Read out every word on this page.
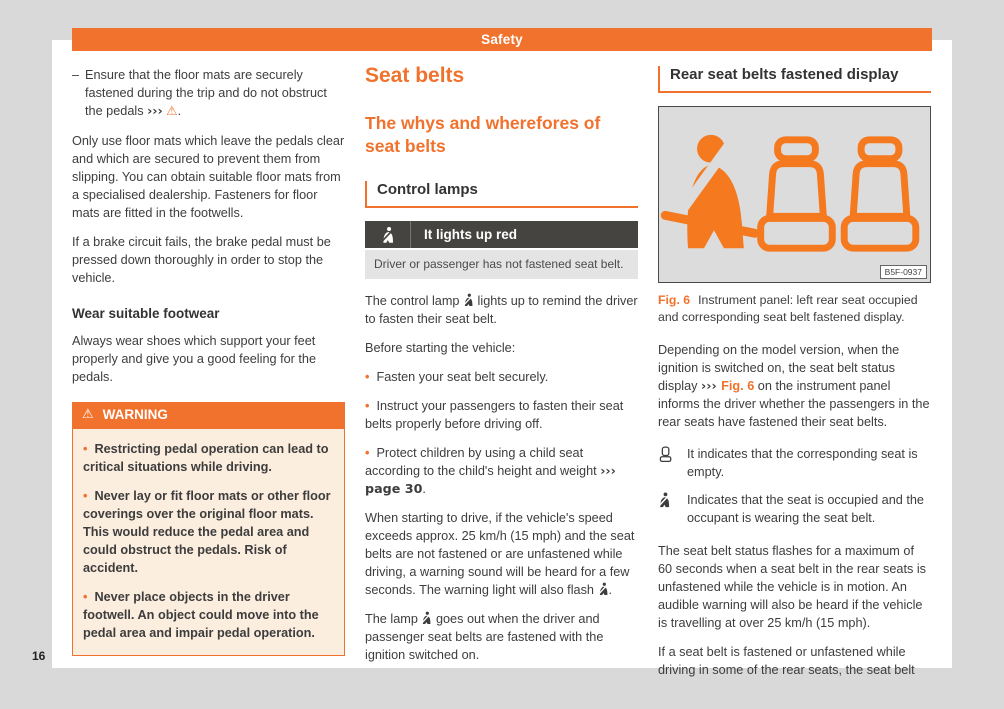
Safety
– Ensure that the floor mats are securely fastened during the trip and do not obstruct the pedals ››› ⚠.

Only use floor mats which leave the pedals clear and which are secured to prevent them from slipping. You can obtain suitable floor mats from a specialised dealership. Fasteners for floor mats are fitted in the footwells.

If a brake circuit fails, the brake pedal must be pressed down thoroughly in order to stop the vehicle.

Wear suitable footwear

Always wear shoes which support your feet properly and give you a good feeling for the pedals.

⚠ WARNING
• Restricting pedal operation can lead to critical situations while driving.
• Never lay or fit floor mats or other floor coverings over the original floor mats. This would reduce the pedal area and could obstruct the pedals. Risk of accident.
• Never place objects in the driver footwell. An object could move into the pedal area and impair pedal operation.
Seat belts
The whys and wherefores of seat belts
Control lamps
It lights up red
Driver or passenger has not fastened seat belt.

The control lamp  lights up to remind the driver to fasten their seat belt.

Before starting the vehicle:

• Fasten your seat belt securely.
• Instruct your passengers to fasten their seat belts properly before driving off.
• Protect children by using a child seat according to the child's height and weight ››› page 30.

When starting to drive, if the vehicle's speed exceeds approx. 25 km/h (15 mph) and the seat belts are not fastened or are unfastened while driving, a warning sound will be heard for a few seconds. The warning light will also flash .

The lamp  goes out when the driver and passenger seat belts are fastened with the ignition switched on.

Rear seat belts fastened display
B5F-0937
Fig. 6 Instrument panel: left rear seat occupied and corresponding seat belt fastened display.

Depending on the model version, when the ignition is switched on, the seat belt status display ››› Fig. 6 on the instrument panel informs the driver whether the passengers in the rear seats have fastened their seat belts.

It indicates that the corresponding seat is empty.
Indicates that the seat is occupied and the occupant is wearing the seat belt.

The seat belt status flashes for a maximum of 60 seconds when a seat belt in the rear seats is unfastened while the vehicle is in motion. An audible warning will also be heard if the vehicle is travelling at over 25 km/h (15 mph).

If a seat belt is fastened or unfastened while driving in some of the rear seats, the seat belt

16
